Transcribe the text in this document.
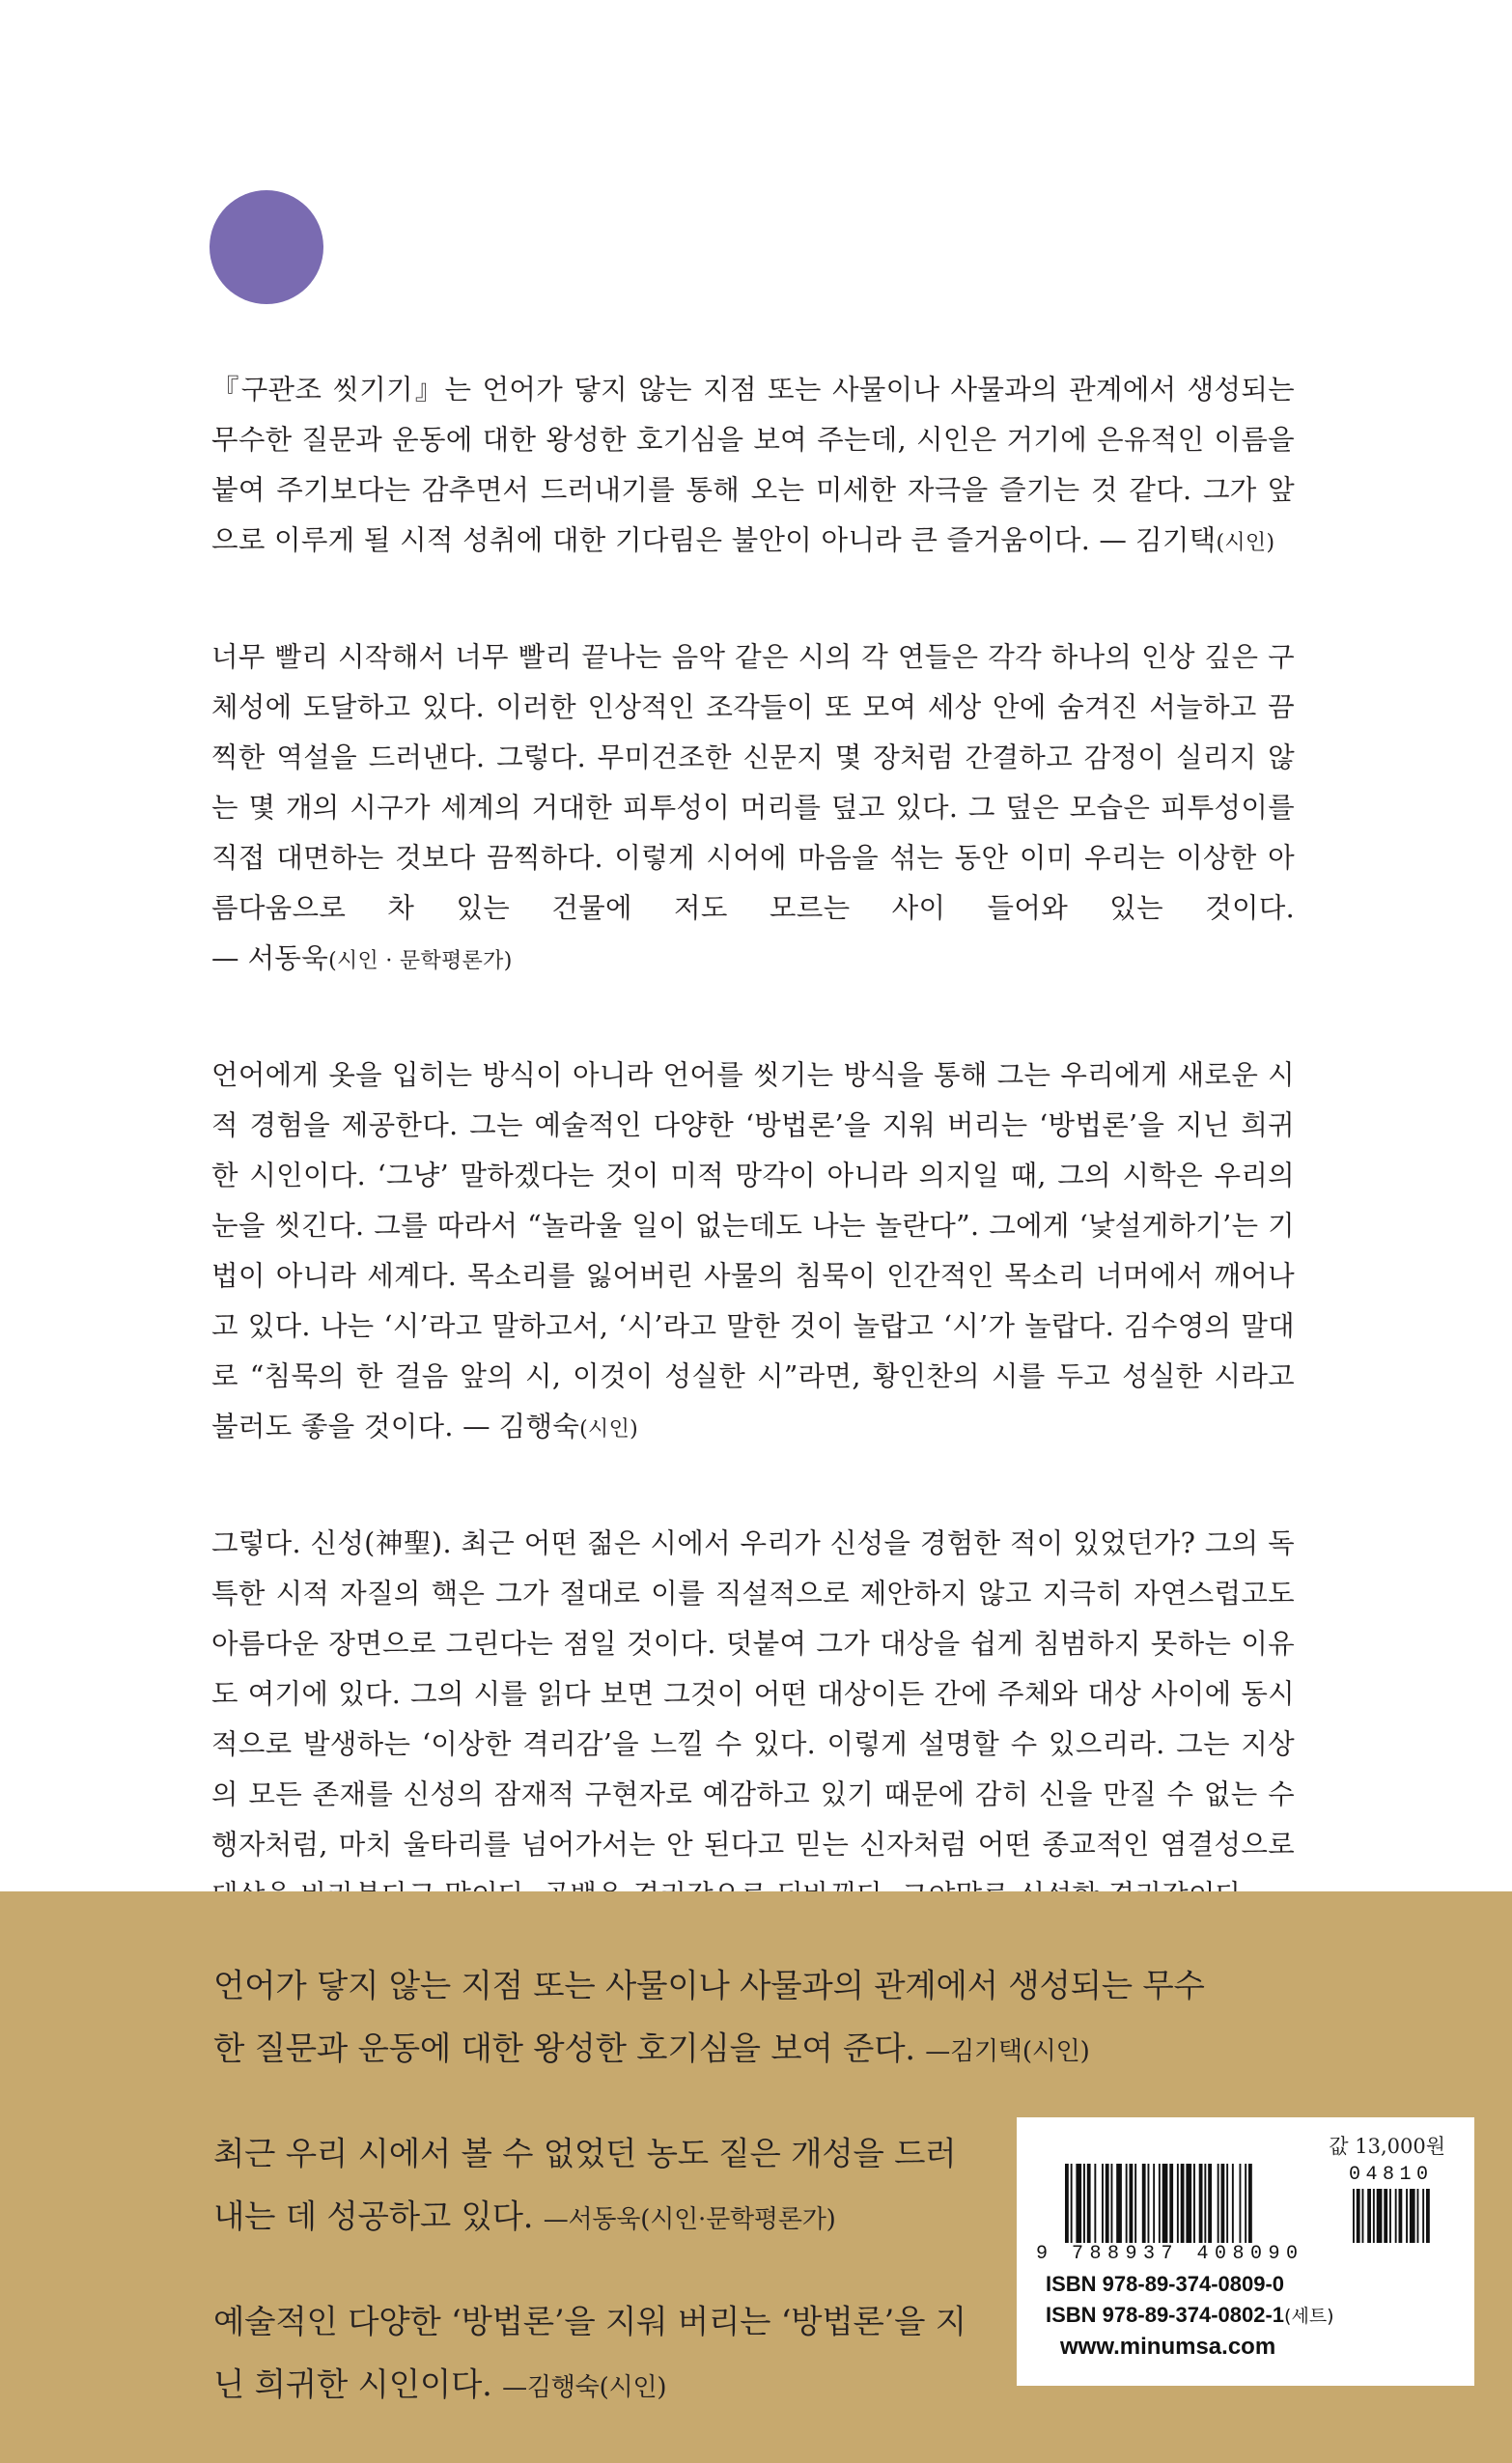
『구관조 씻기기』는 언어가 닿지 않는 지점 또는 사물이나 사물과의 관계에서 생성되는 무수한 질문과 운동에 대한 왕성한 호기심을 보여 주는데, 시인은 거기에 은유적인 이름을 붙여 주기보다는 감추면서 드러내기를 통해 오는 미세한 자극을 즐기는 것 같다. 그가 앞으로 이루게 될 시적 성취에 대한 기다림은 불안이 아니라 큰 즐거움이다. — 김기택(시인)

너무 빨리 시작해서 너무 빨리 끝나는 음악 같은 시의 각 연들은 각각 하나의 인상 깊은 구체성에 도달하고 있다. 이러한 인상적인 조각들이 또 모여 세상 안에 숨겨진 서늘하고 끔찍한 역설을 드러낸다. 그렇다. 무미건조한 신문지 몇 장처럼 간결하고 감정이 실리지 않는 몇 개의 시구가 세계의 거대한 피투성이 머리를 덮고 있다. 그 덮은 모습은 피투성이를 직접 대면하는 것보다 끔찍하다. 이렇게 시어에 마음을 섞는 동안 이미 우리는 이상한 아름다움으로 차 있는 건물에 저도 모르는 사이 들어와 있는 것이다. — 서동욱(시인 · 문학평론가)

언어에게 옷을 입히는 방식이 아니라 언어를 씻기는 방식을 통해 그는 우리에게 새로운 시적 경험을 제공한다. 그는 예술적인 다양한 ‘방법론’을 지워 버리는 ‘방법론’을 지닌 희귀한 시인이다. ‘그냥’ 말하겠다는 것이 미적 망각이 아니라 의지일 때, 그의 시학은 우리의 눈을 씻긴다. 그를 따라서 “놀라울 일이 없는데도 나는 놀란다”. 그에게 ‘낯설게하기’는 기법이 아니라 세계다. 목소리를 잃어버린 사물의 침묵이 인간적인 목소리 너머에서 깨어나고 있다. 나는 ‘시’라고 말하고서, ‘시’라고 말한 것이 놀랍고 ‘시’가 놀랍다. 김수영의 말대로 “침묵의 한 걸음 앞의 시, 이것이 성실한 시”라면, 황인찬의 시를 두고 성실한 시라고 불러도 좋을 것이다. — 김행숙(시인)

그렇다. 신성(神聖). 최근 어떤 젊은 시에서 우리가 신성을 경험한 적이 있었던가? 그의 독특한 시적 자질의 핵은 그가 절대로 이를 직설적으로 제안하지 않고 지극히 자연스럽고도 아름다운 장면으로 그린다는 점일 것이다. 덧붙여 그가 대상을 쉽게 침범하지 못하는 이유도 여기에 있다. 그의 시를 읽다 보면 그것이 어떤 대상이든 간에 주체와 대상 사이에 동시적으로 발생하는 ‘이상한 격리감’을 느낄 수 있다. 이렇게 설명할 수 있으리라. 그는 지상의 모든 존재를 신성의 잠재적 구현자로 예감하고 있기 때문에 감히 신을 만질 수 없는 수행자처럼, 마치 울타리를 넘어가서는 안 된다고 믿는 신자처럼 어떤 종교적인 염결성으로

언어가 닿지 않는 지점 또는 사물이나 사물과의 관계에서 생성되는 무수한 질문과 운동에 대한 왕성한 호기심을 보여 준다. —김기택(시인)

최근 우리 시에서 볼 수 없었던 농도 짙은 개성을 드러내는 데 성공하고 있다. —서동욱(시인·문학평론가)

예술적인 다양한 ‘방법론’을 지워 버리는 ‘방법론’을 지닌 희귀한 시인이다. —김행숙(시인)

값 13,000원
04810
9 788937 408090
ISBN 978-89-374-0809-0
ISBN 978-89-374-0802-1(세트)
www.minumsa.com
